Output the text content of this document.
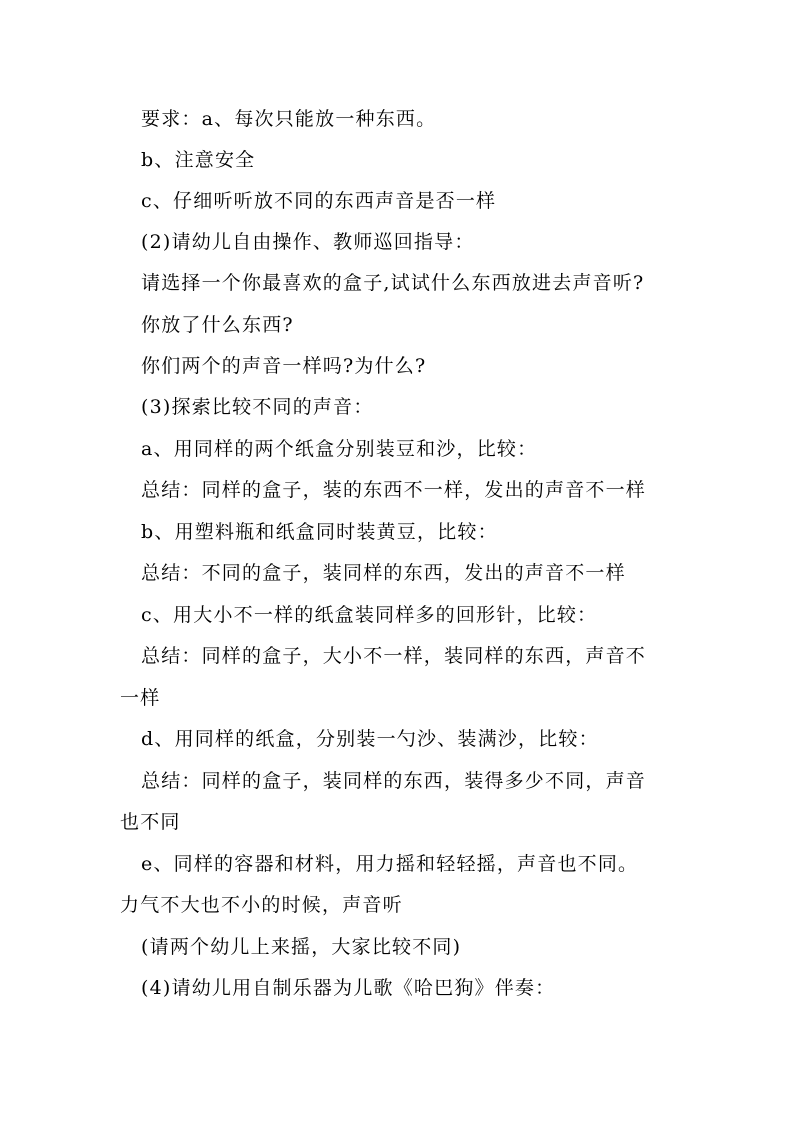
要求：a、每次只能放一种东西。

b、注意安全

c、仔细听听放不同的东西声音是否一样

(2)请幼儿自由操作、教师巡回指导：

请选择一个你最喜欢的盒子,试试什么东西放进去声音听?

你放了什么东西?

你们两个的声音一样吗?为什么?

(3)探索比较不同的声音：

a、用同样的两个纸盒分别装豆和沙，比较：

总结：同样的盒子，装的东西不一样，发出的声音不一样

b、用塑料瓶和纸盒同时装黄豆，比较：

总结：不同的盒子，装同样的东西，发出的声音不一样

c、用大小不一样的纸盒装同样多的回形针，比较：

总结：同样的盒子，大小不一样，装同样的东西，声音不

一样

d、用同样的纸盒，分别装一勺沙、装满沙，比较：

总结：同样的盒子，装同样的东西，装得多少不同，声音

也不同

e、同样的容器和材料，用力摇和轻轻摇，声音也不同。

力气不大也不小的时候，声音听

(请两个幼儿上来摇，大家比较不同)

(4)请幼儿用自制乐器为儿歌《哈巴狗》伴奏：
